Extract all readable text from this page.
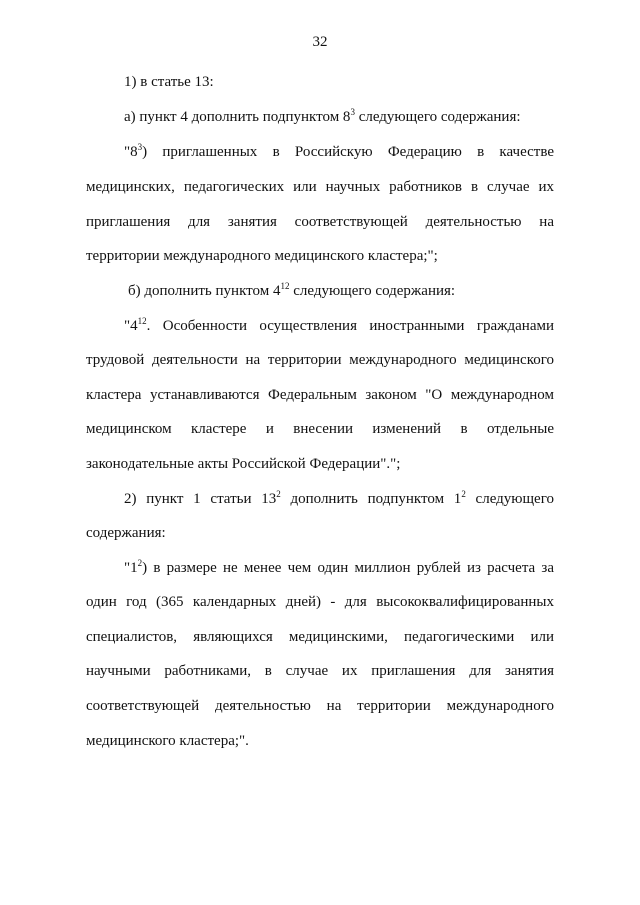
32
1) в статье 13:
а) пункт 4 дополнить подпунктом $8^3$ следующего содержания:
"$8^3$) приглашенных в Российскую Федерацию в качестве
медицинских, педагогических или научных работников в случае их
приглашения для занятия соответствующей деятельностью на
территории международного медицинского кластера;";
б) дополнить пунктом $4^{12}$ следующего содержания:
"$4^{12}$. Особенности осуществления иностранными гражданами
трудовой деятельности на территории международного медицинского
кластера устанавливаются Федеральным законом "О международном
медицинском кластере и внесении изменений в отдельные
законодательные акты Российской Федерации".";
2) пункт 1 статьи $13^2$ дополнить подпунктом $1^2$ следующего
содержания:
"$1^2$) в размере не менее чем один миллион рублей из расчета за
один год (365 календарных дней) - для высококвалифицированных
специалистов, являющихся медицинскими, педагогическими или
научными работниками, в случае их приглашения для занятия
соответствующей деятельностью на территории международного
медицинского кластера;".
